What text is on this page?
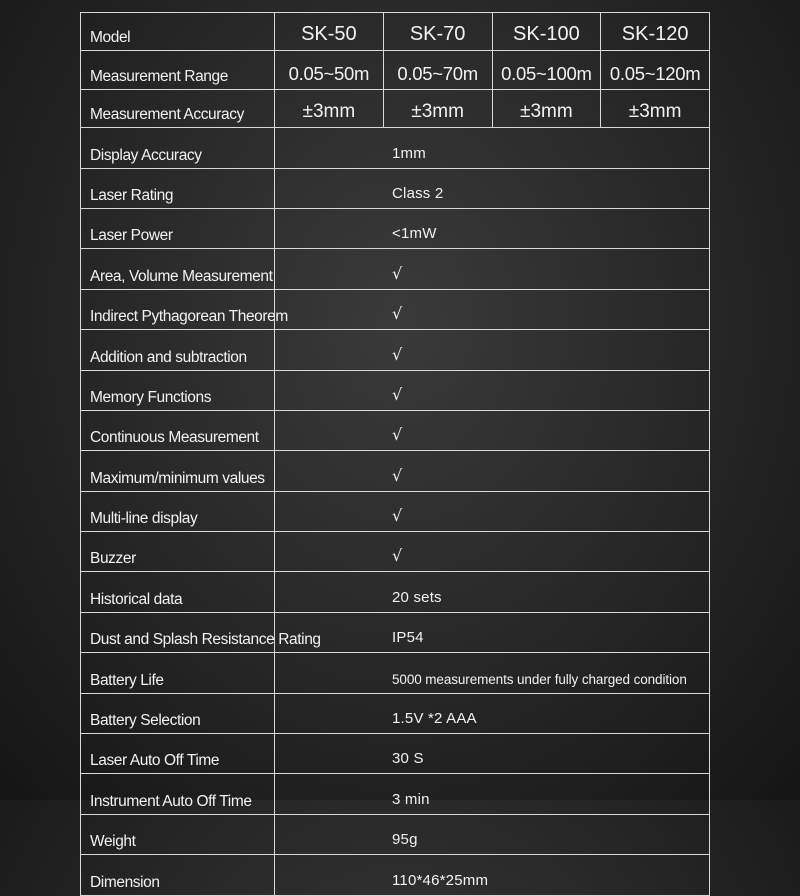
Model	SK-50	SK-70	SK-100	SK-120
Measurement Range	0.05~50m	0.05~70m	0.05~100m	0.05~120m
Measurement Accuracy	±3mm	±3mm	±3mm	±3mm
Display Accuracy	1mm			
Laser Rating	Class 2			
Laser Power	<1mW			
Area, Volume Measurement	√			
Indirect Pythagorean Theorem	√			
Addition and subtraction	√			
Memory Functions	√			
Continuous Measurement	√			
Maximum/minimum values	√			
Multi-line display	√			
Buzzer	√			
Historical data	20 sets			
Dust and Splash Resistance Rating	IP54			
Battery Life	5000 measurements under fully charged condition			
Battery Selection	1.5V *2 AAA			
Laser Auto Off Time	30 S			
Instrument Auto Off Time	3 min			
Weight	95g			
Dimension	110*46*25mm			
